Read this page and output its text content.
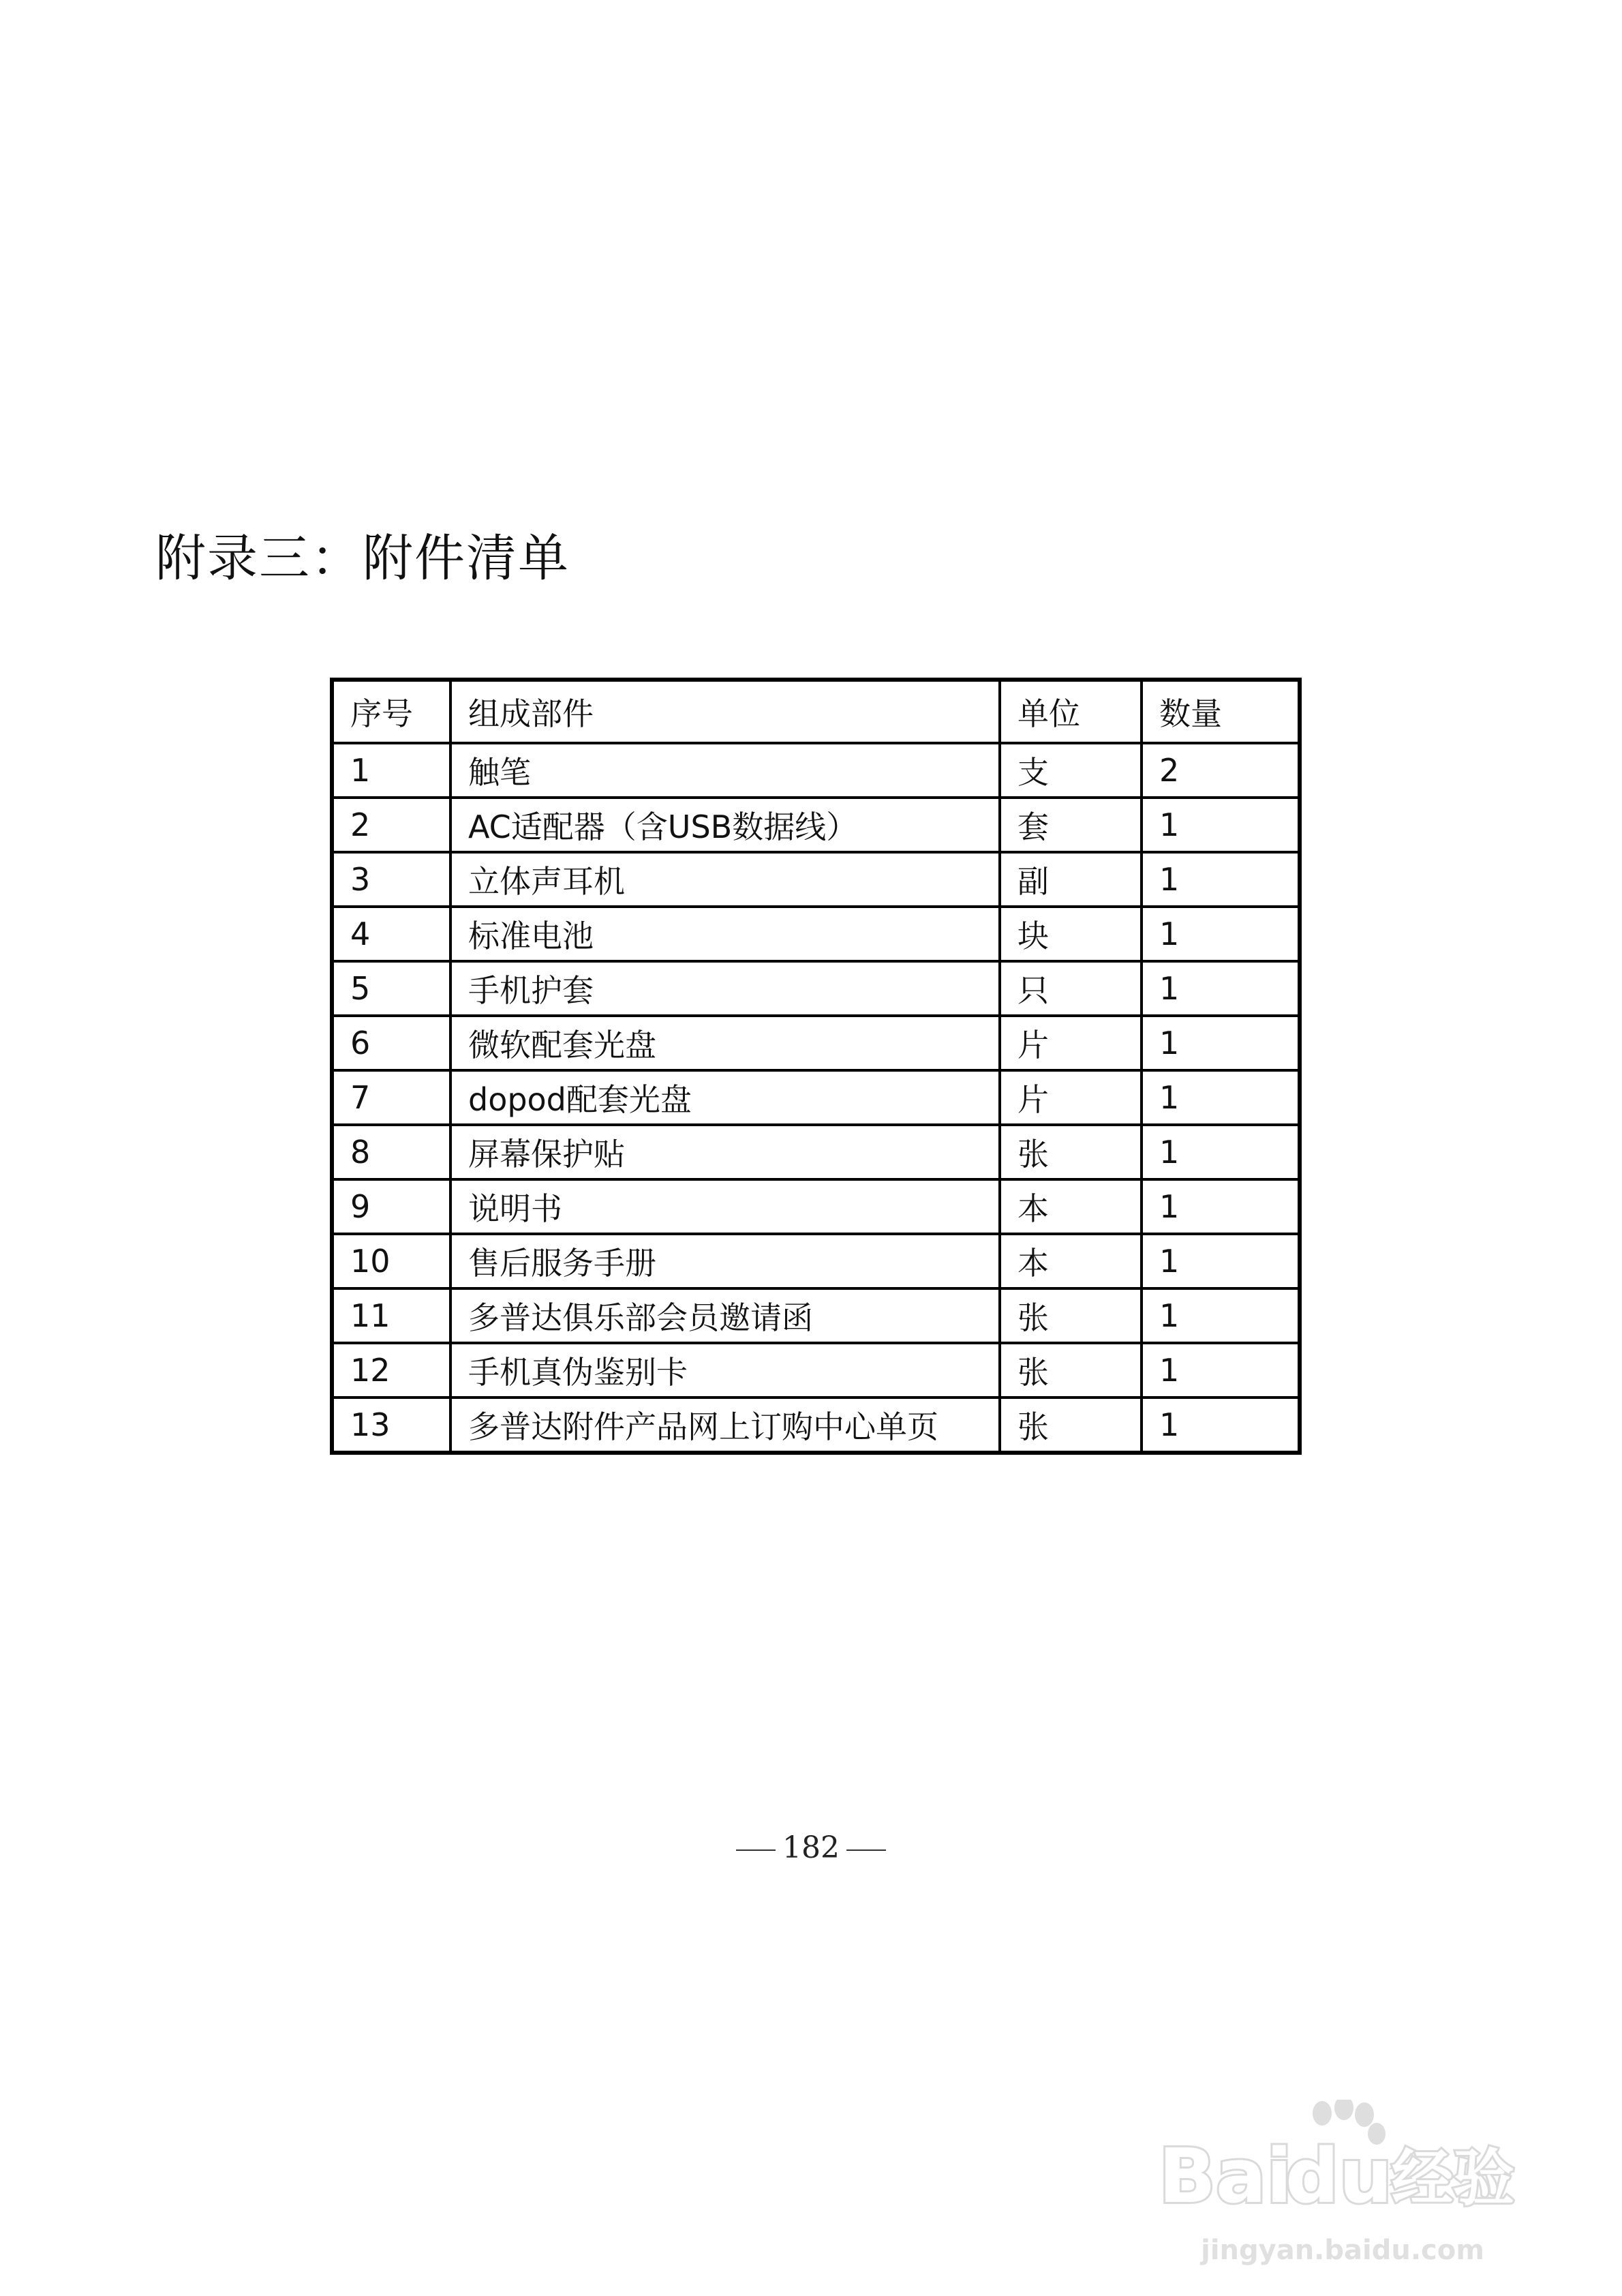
附录三：附件清单
序号	组成部件	单位	数量
1	触笔	支	2
2	AC适配器（含USB数据线）	套	1
3	立体声耳机	副	1
4	标准电池	块	1
5	手机护套	只	1
6	微软配套光盘	片	1
7	dopod配套光盘	片	1
8	屏幕保护贴	张	1
9	说明书	本	1
10	售后服务手册	本	1
11	多普达俱乐部会员邀请函	张	1
12	手机真伪鉴别卡	张	1
13	多普达附件产品网上订购中心单页	张	1
182
Bai
du
经验
jingyan.baidu.com
